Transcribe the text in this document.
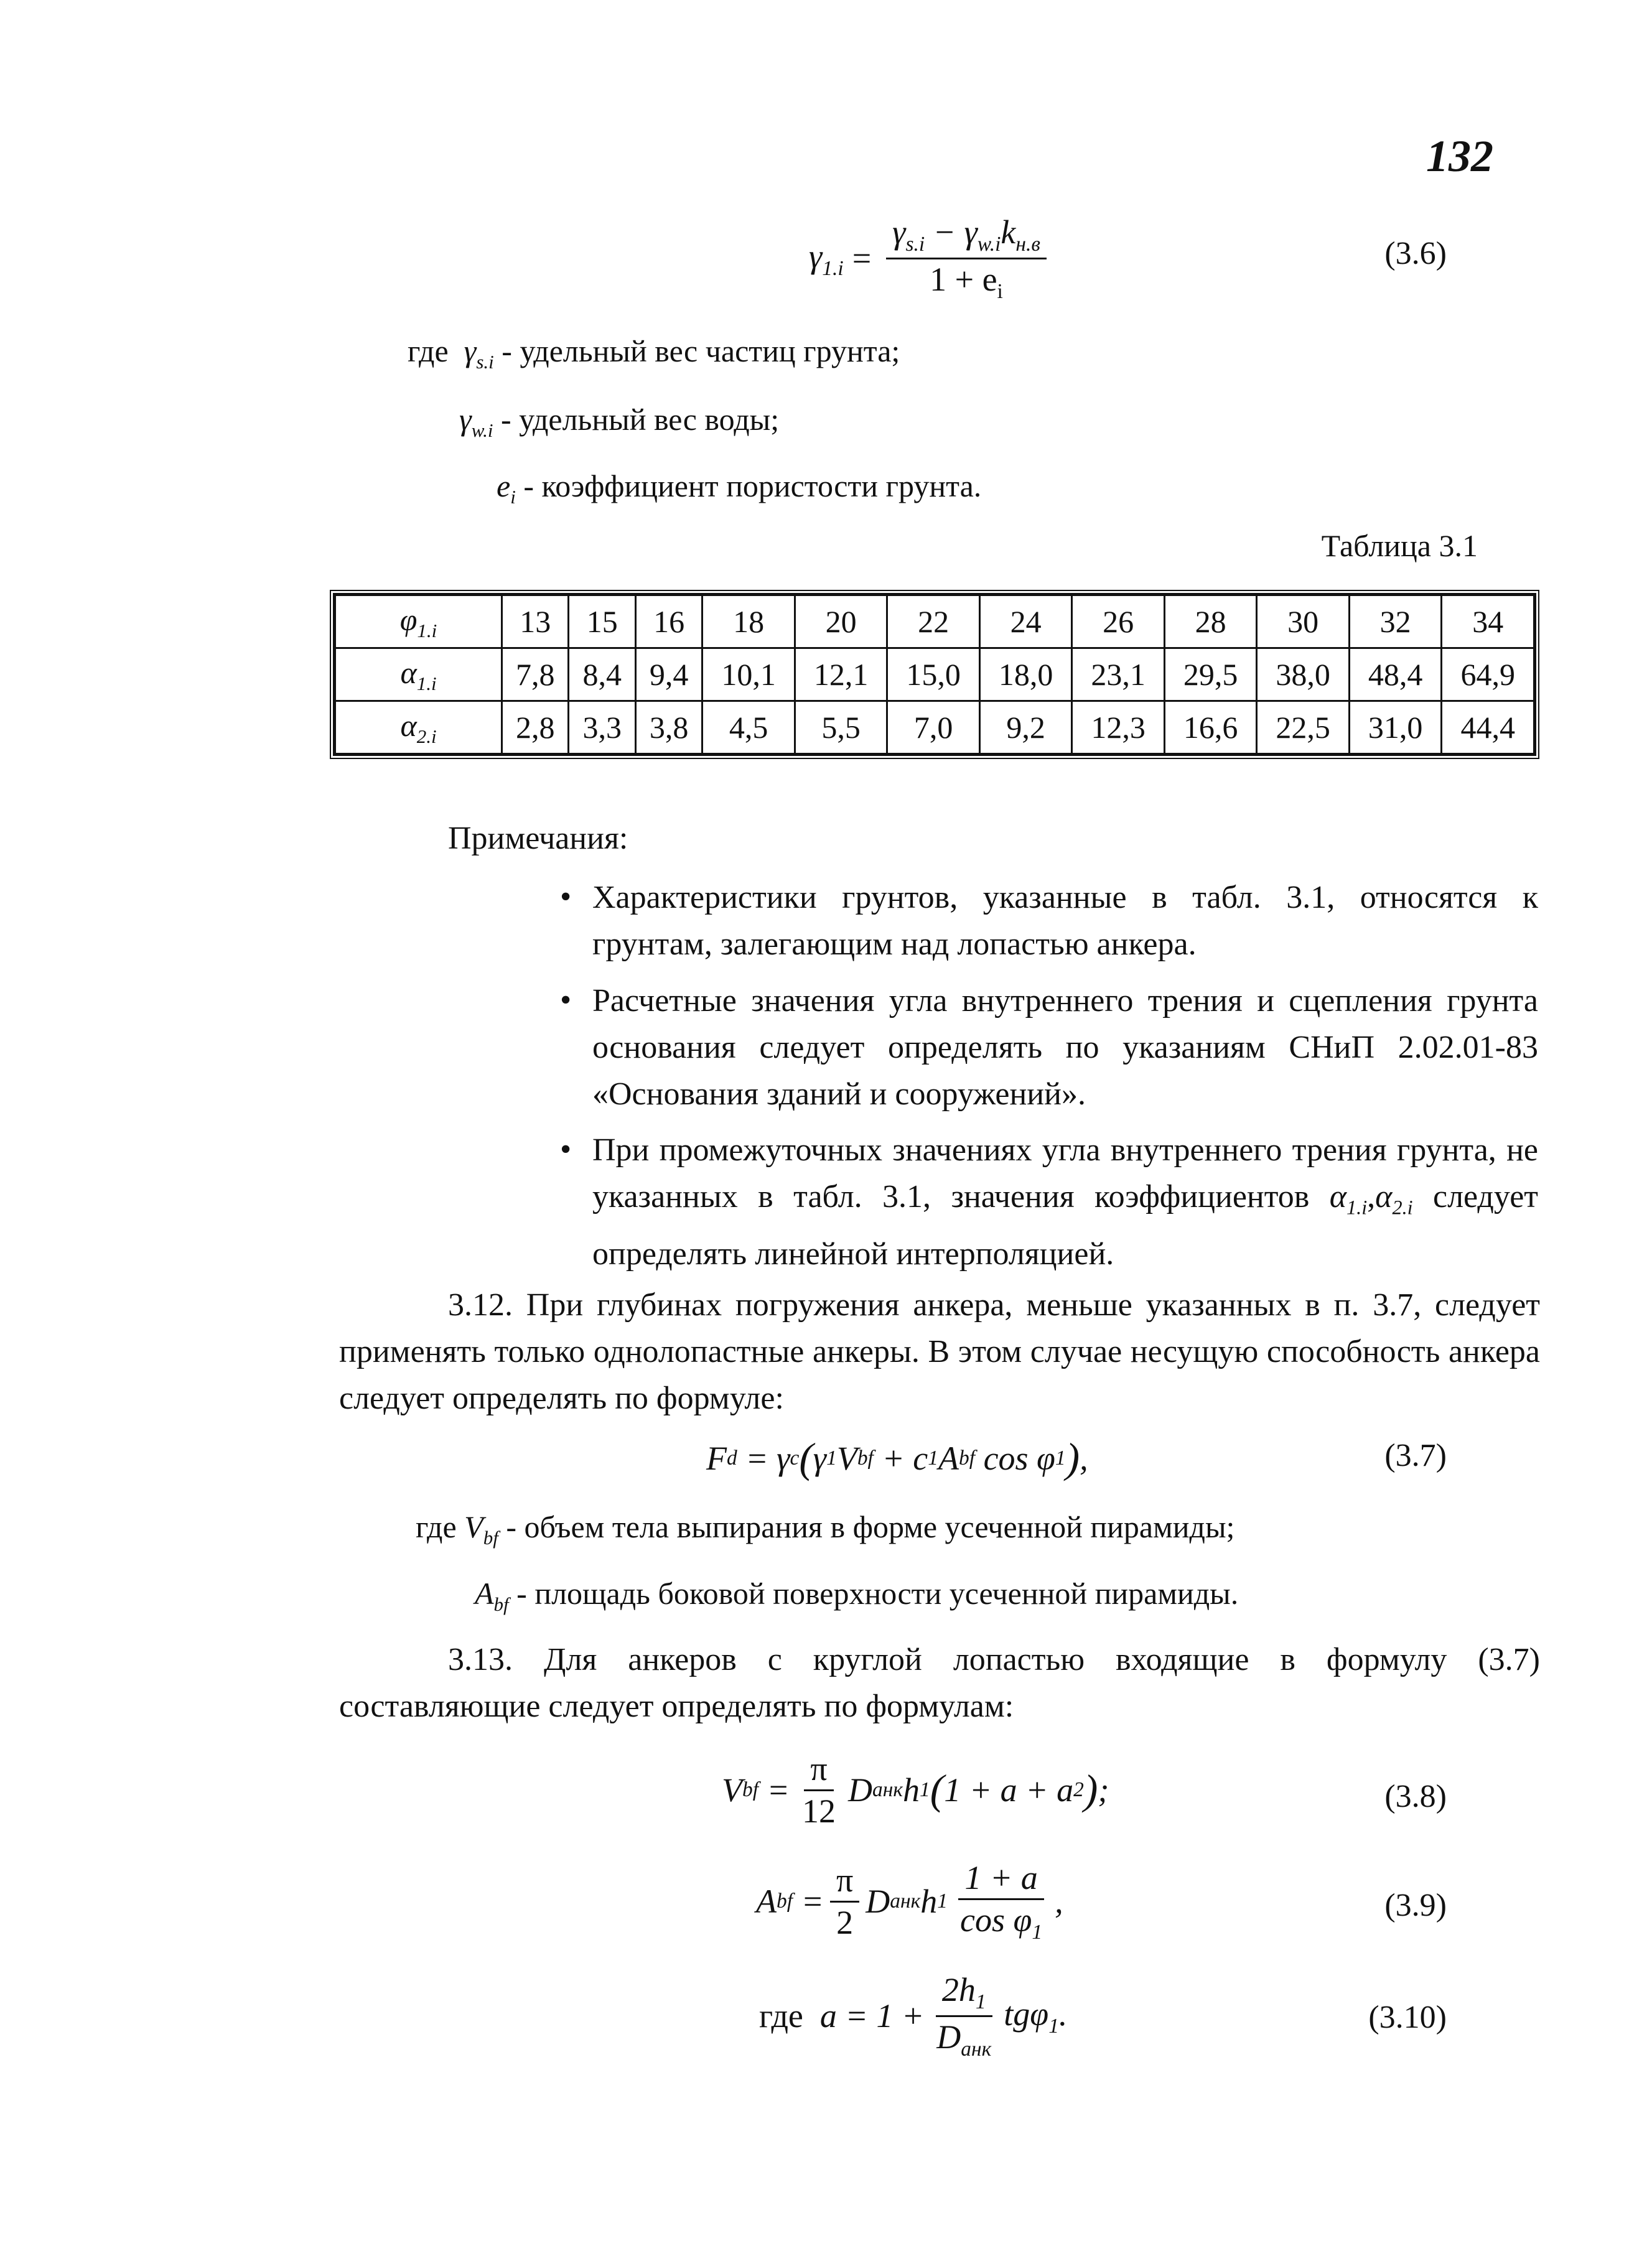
132
$\gamma_{1.i} = \frac{\gamma_{s.i} - \gamma_{w.i}k_{н.в}}{1 + e_i}$	(3.6)
где $\gamma_{s.i}$ - удельный вес частиц грунта;
$\gamma_{w.i}$ - удельный вес воды;
$e_i$ - коэффициент пористости грунта.
Таблица 3.1
$\varphi_{1.i}$	13	15	16	18	20	22	24	26	28	30	32	34
$\alpha_{1.i}$	7,8	8,4	9,4	10,1	12,1	15,0	18,0	23,1	29,5	38,0	48,4	64,9
$\alpha_{2.i}$	2,8	3,3	3,8	4,5	5,5	7,0	9,2	12,3	16,6	22,5	31,0	44,4
Примечания:
• Характеристики грунтов, указанные в табл. 3.1, относятся к грунтам, залегающим над лопастью анкера.
• Расчетные значения угла внутреннего трения и сцепления грунта основания следует определять по указаниям СНиП 2.02.01-83 «Основания зданий и сооружений».
• При промежуточных значениях угла внутреннего трения грунта, не указанных в табл. 3.1, значения коэффициентов $\alpha_{1.i},\alpha_{2.i}$ следует определять линейной интерполяцией.
3.12. При глубинах погружения анкера, меньше указанных в п. 3.7, следует применять только однолопастные анкеры. В этом случае несущую способность анкера следует определять по формуле:
F d = γ c ( γ 1 V bf + c 1 A bf cos φ 1 ) ,	(3.7)
где $V_{bf}$ - объем тела выпирания в форме усеченной пирамиды;
$A_{bf}$ - площадь боковой поверхности усеченной пирамиды.
3.13. Для анкеров с круглой лопастью входящие в формулу (3.7) составляющие следует определять по формулам:
V bf = $\frac{\pi}{12}$ D анк h 1 ( 1 + a + a 2 ) ;	(3.8)
A bf = $\frac{\pi}{2}$ D анк h $1 \frac{1 + a}{\cos \varphi_1}$ ,	(3.9)
где
$a = 1 + \frac{2h_1}{D_{анк}} tg\varphi_1$.	(3.10)
